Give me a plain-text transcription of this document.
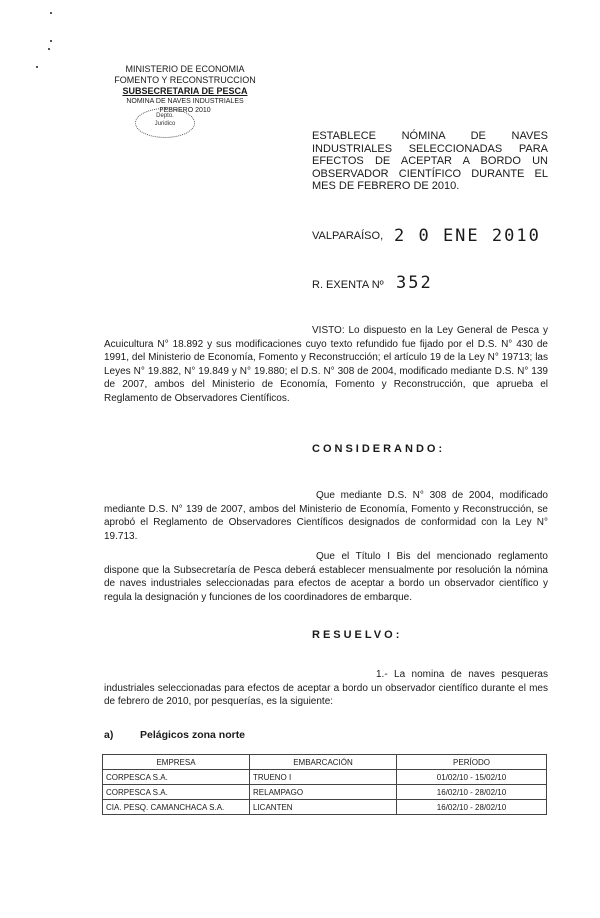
MINISTERIO DE ECONOMIA
FOMENTO Y RECONSTRUCCION
SUBSECRETARIA DE PESCA
NOMINA DE NAVES INDUSTRIALES
FEBRERO 2010
Depto.
Juridico
ESTABLECE NÓMINA DE NAVES INDUSTRIALES SELECCIONADAS PARA EFECTOS DE ACEPTAR A BORDO UN OBSERVADOR CIENTÍFICO DURANTE EL MES DE FEBRERO DE 2010.
VALPARAÍSO, 2 0 ENE 2010
R. EXENTA Nº 352
VISTO: Lo dispuesto en la Ley General de Pesca y Acuicultura N° 18.892 y sus modificaciones cuyo texto refundido fue fijado por el D.S. N° 430 de 1991, del Ministerio de Economía, Fomento y Reconstrucción; el artículo 19 de la Ley N° 19713; las Leyes N° 19.882, N° 19.849 y N° 19.880; el D.S. N° 308 de 2004, modificado mediante D.S. N° 139 de 2007, ambos del Ministerio de Economía, Fomento y Reconstrucción, que aprueba el Reglamento de Observadores Científicos.
CONSIDERANDO:
Que mediante D.S. N° 308 de 2004, modificado mediante D.S. N° 139 de 2007, ambos del Ministerio de Economía, Fomento y Reconstrucción, se aprobó el Reglamento de Observadores Científicos designados de conformidad con la Ley N° 19.713.
Que el Título I Bis del mencionado reglamento dispone que la Subsecretaría de Pesca deberá establecer mensualmente por resolución la nómina de naves industriales seleccionadas para efectos de aceptar a bordo un observador científico y regula la designación y funciones de los coordinadores de embarque.
RESUELVO:
1.- La nomina de naves pesqueras industriales seleccionadas para efectos de aceptar a bordo un observador científico durante el mes de febrero de 2010, por pesquerías, es la siguiente:
a)	Pelágicos zona norte
EMPRESA	EMBARCACIÓN	PERÍODO
CORPESCA S.A.	TRUENO I	01/02/10 - 15/02/10
CORPESCA S.A.	RELAMPAGO	16/02/10 - 28/02/10
CIA. PESQ. CAMANCHACA S.A.	LICANTEN	16/02/10 - 28/02/10
